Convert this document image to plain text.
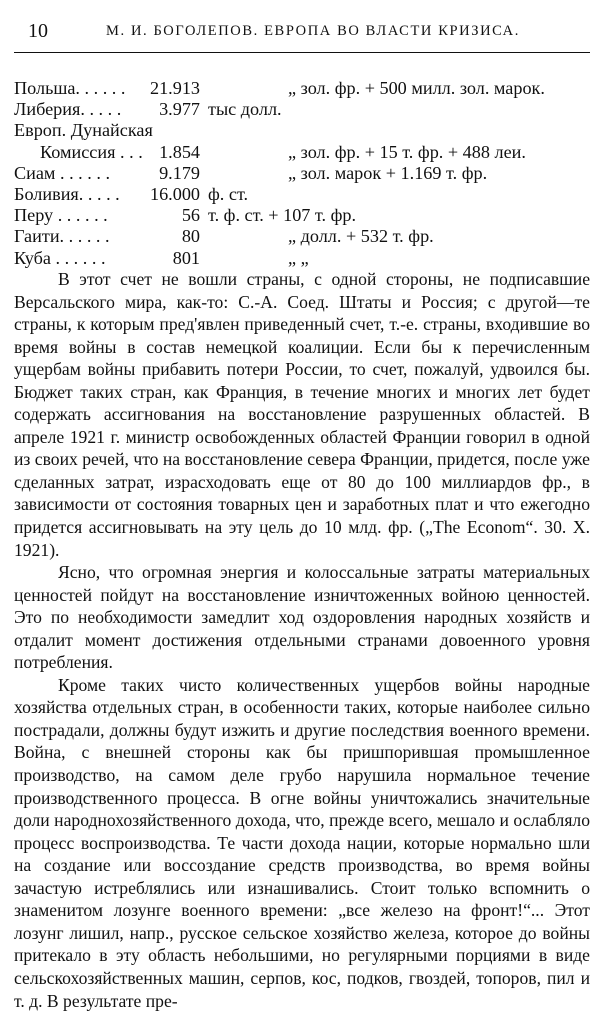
10	М. И. БОГОЛЕПОВ. ЕВРОПА ВО ВЛАСТИ КРИЗИСА.
Польша. . . . . . 21.913	„ зол. фр. + 500 милл. зол. марок.
Либерия. . . . . 3.977 тыс долл.
Европ. Дунайская
Комиссия . . . 1.854	„ зол. фр. + 15 т. фр. + 488 леи.
Сиам . . . . . .	9.179	„ зол. марок + 1.169 т. фр.
Боливия. . . . . 16.000 ф. ст.
Перу . . . . . .	56 т. ф. ст. + 107 т. фр.
Гаити. . . . . .	80	„ долл. + 532 т. фр.
Куба . . . . . .	801	„ „

В этот счет не вошли страны, с одной стороны, не подписавшие Версальского мира, как-то: С.-А. Соед. Штаты и Россия; с другой—те страны, к которым пред'явлен приведенный счет, т.-е. страны, входившие во время войны в состав немецкой коалиции. Если бы к перечисленным ущербам войны прибавить потери России, то счет, пожалуй, удвоился бы. Бюджет таких стран, как Франция, в течение многих и многих лет будет содержать ассигнования на восстановление разрушенных областей. В апреле 1921 г. министр освобожденных областей Франции говорил в одной из своих речей, что на восстановление севера Франции, придется, после уже сделанных затрат, израсходовать еще от 80 до 100 миллиардов фр., в зависимости от состояния товарных цен и заработных плат и что ежегодно придется ассигновывать на эту цель до 10 млд. фр. („The Econom“. 30. X. 1921).

Ясно, что огромная энергия и колоссальные затраты материальных ценностей пойдут на восстановление изничтоженных войною ценностей. Это по необходимости замедлит ход оздоровления народных хозяйств и отдалит момент достижения отдельными странами довоенного уровня потребления.

Кроме таких чисто количественных ущербов войны народные хозяйства отдельных стран, в особенности таких, которые наиболее сильно пострадали, должны будут изжить и другие последствия военного времени. Война, с внешней стороны как бы пришпорившая промышленное производство, на самом деле грубо нарушила нормальное течение производственного процесса. В огне войны уничтожались значительные доли народнохозяйственного дохода, что, прежде всего, мешало и ослабляло процесс воспроизводства. Те части дохода нации, которые нормально шли на создание или воссоздание средств производства, во время войны зачастую истреблялись или изнашивались. Стоит только вспомнить о знаменитом лозунге военного времени: „все железо на фронт!“... Этот лозунг лишил, напр., русское сельское хозяйство железа, которое до войны притекало в эту область небольшими, но регулярными порциями в виде сельскохозяйственных машин, серпов, кос, подков, гвоздей, топоров, пил и т. д. В результате пре-
